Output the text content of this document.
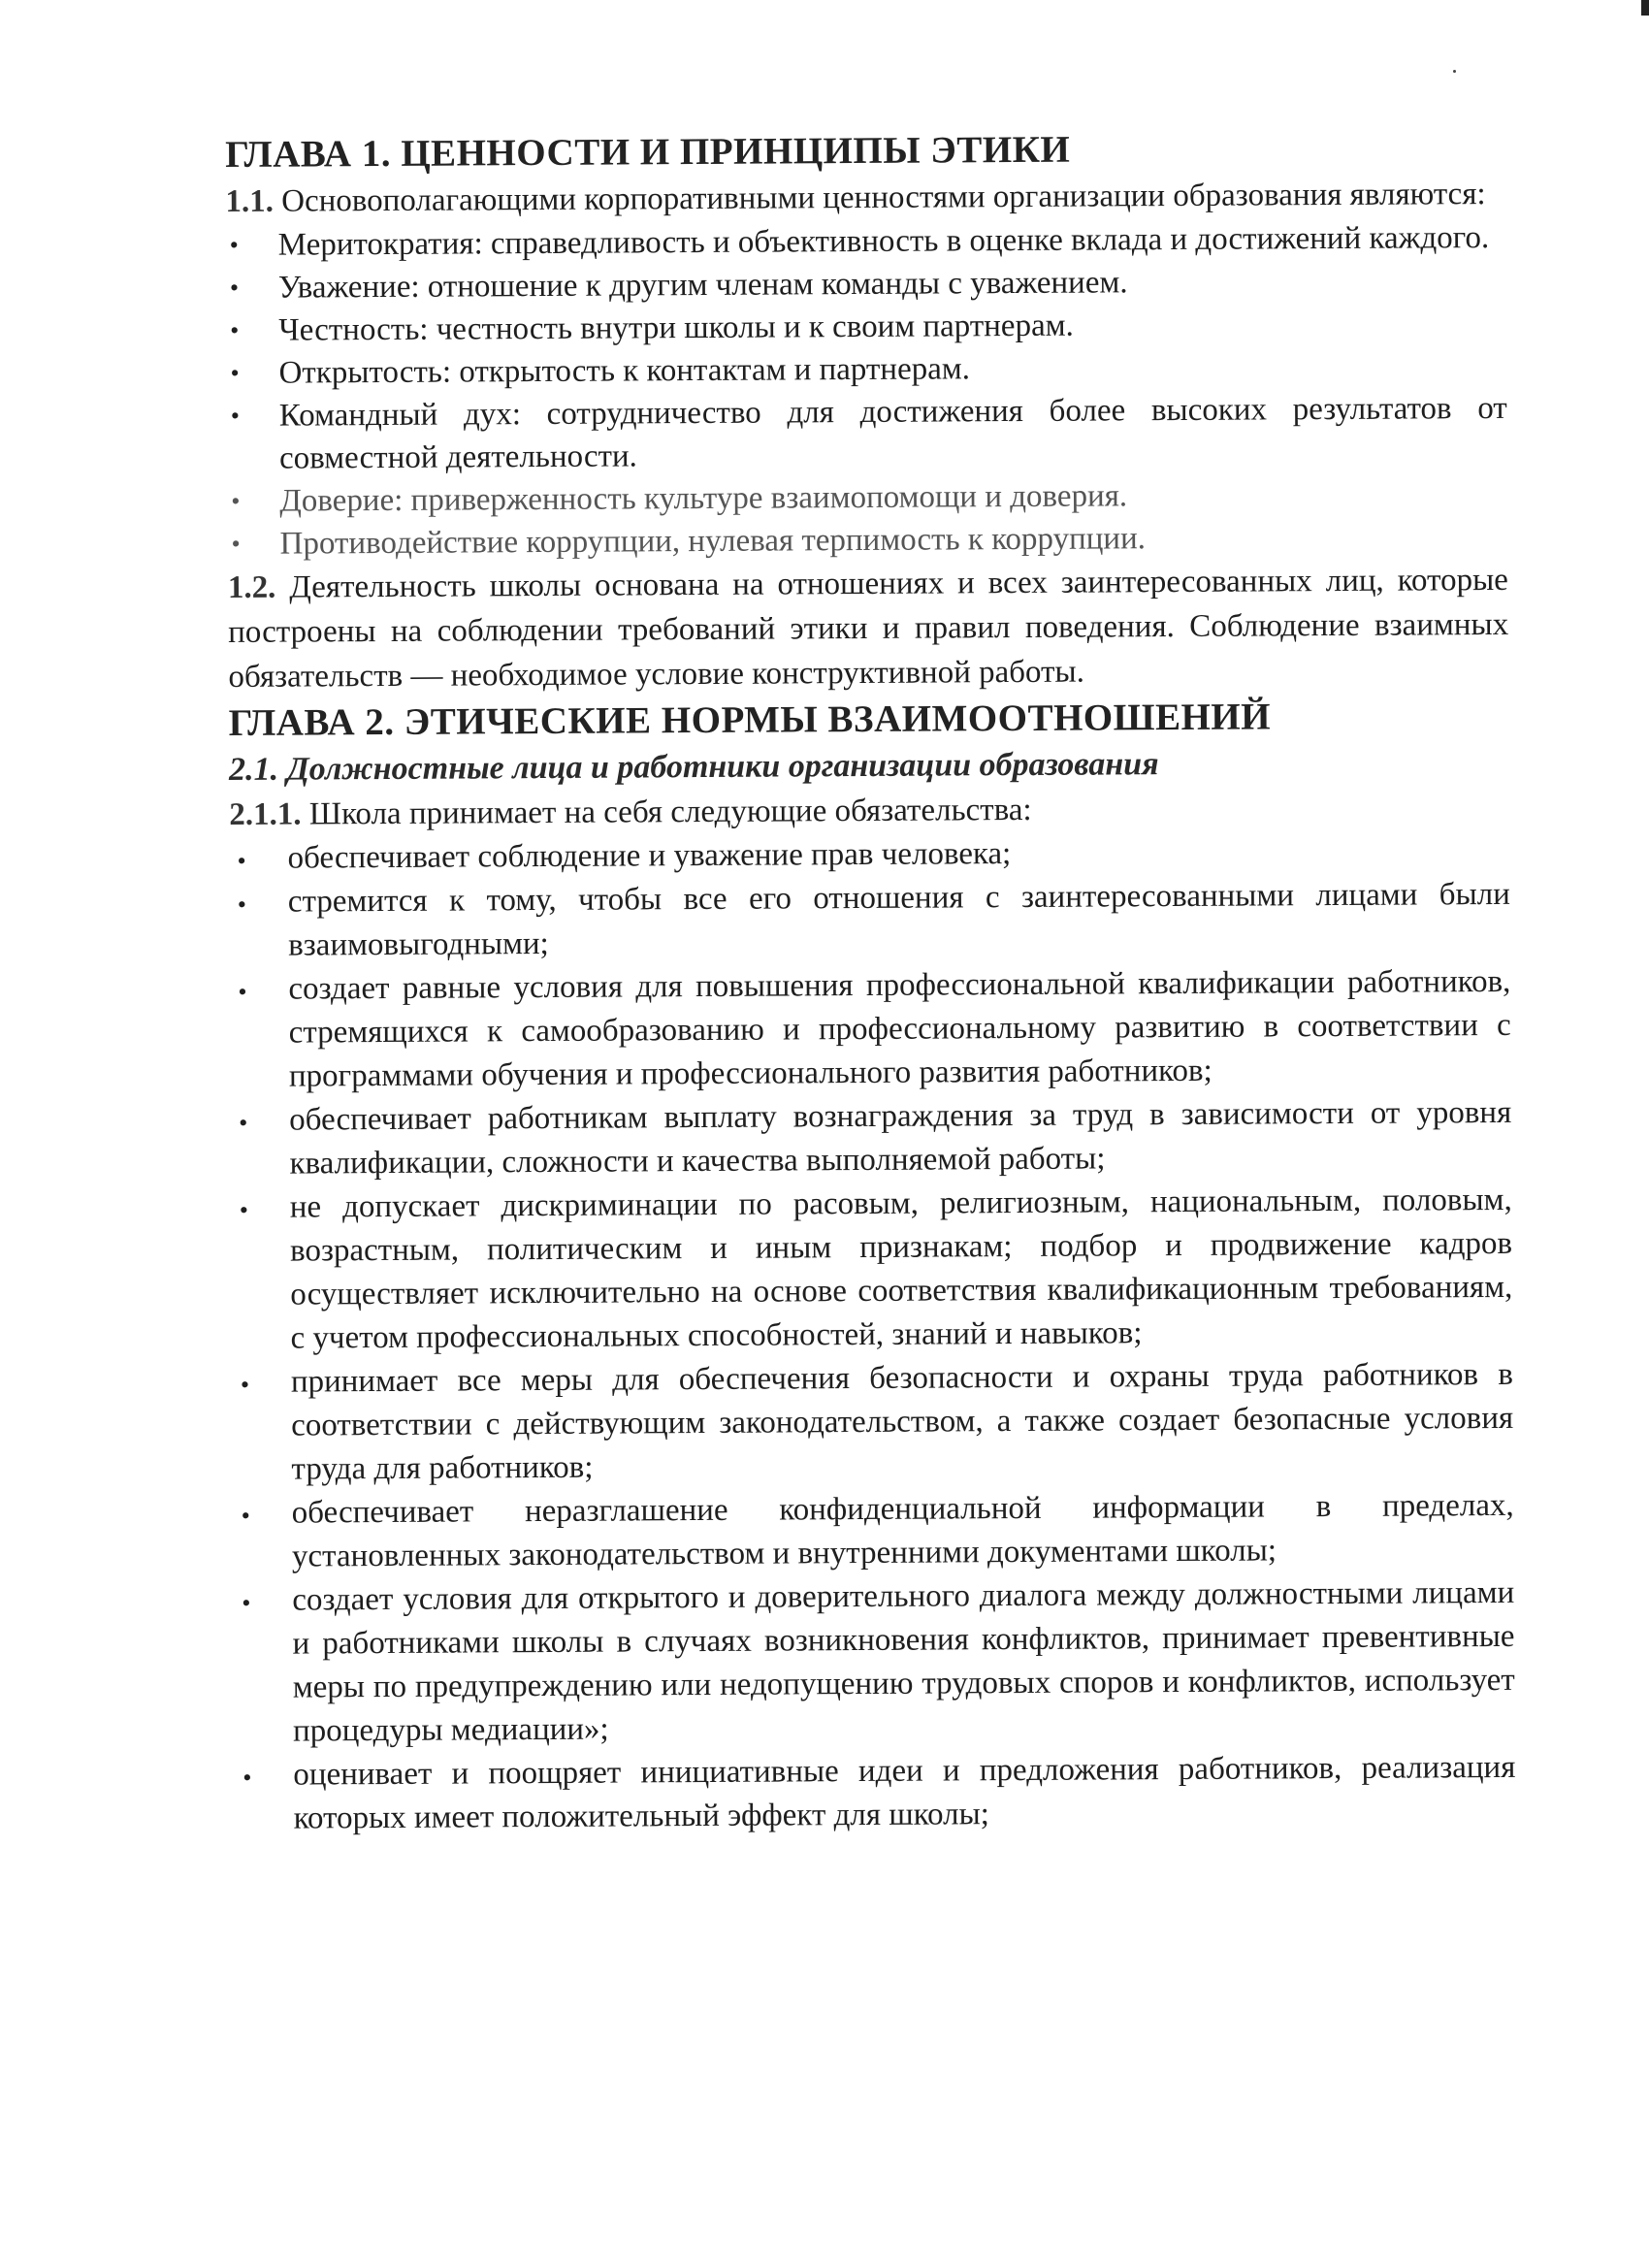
ГЛАВА 1. ЦЕННОСТИ И ПРИНЦИПЫ ЭТИКИ

1.1. Основополагающими корпоративными ценностями организации образования являются:

• Меритократия: справедливость и объективность в оценке вклада и достижений каждого.
• Уважение: отношение к другим членам команды с уважением.
• Честность: честность внутри школы и к своим партнерам.
• Открытость: открытость к контактам и партнерам.
• Командный дух: сотрудничество для достижения более высоких результатов от совместной деятельности.
• Доверие: приверженность культуре взаимопомощи и доверия.
• Противодействие коррупции, нулевая терпимость к коррупции.

1.2. Деятельность школы основана на отношениях и всех заинтересованных лиц, которые построены на соблюдении требований этики и правил поведения. Соблюдение взаимных обязательств — необходимое условие конструктивной работы.

ГЛАВА 2. ЭТИЧЕСКИЕ НОРМЫ ВЗАИМООТНОШЕНИЙ
2.1. Должностные лица и работники организации образования

2.1.1. Школа принимает на себя следующие обязательства:

• обеспечивает соблюдение и уважение прав человека;
• стремится к тому, чтобы все его отношения с заинтересованными лицами были взаимовыгодными;
• создает равные условия для повышения профессиональной квалификации работников, стремящихся к самообразованию и профессиональному развитию в соответствии с программами обучения и профессионального развития работников;
• обеспечивает работникам выплату вознаграждения за труд в зависимости от уровня квалификации, сложности и качества выполняемой работы;
• не допускает дискриминации по расовым, религиозным, национальным, половым, возрастным, политическим и иным признакам; подбор и продвижение кадров осуществляет исключительно на основе соответствия квалификационным требованиям, с учетом профессиональных способностей, знаний и навыков;
• принимает все меры для обеспечения безопасности и охраны труда работников в соответствии с действующим законодательством, а также создает безопасные условия труда для работников;
• обеспечивает неразглашение конфиденциальной информации в пределах, установленных законодательством и внутренними документами школы;
• создает условия для открытого и доверительного диалога между должностными лицами и работниками школы в случаях возникновения конфликтов, принимает превентивные меры по предупреждению или недопущению трудовых споров и конфликтов, использует процедуры медиации»;
• оценивает и поощряет инициативные идеи и предложения работников, реализация которых имеет положительный эффект для школы;
